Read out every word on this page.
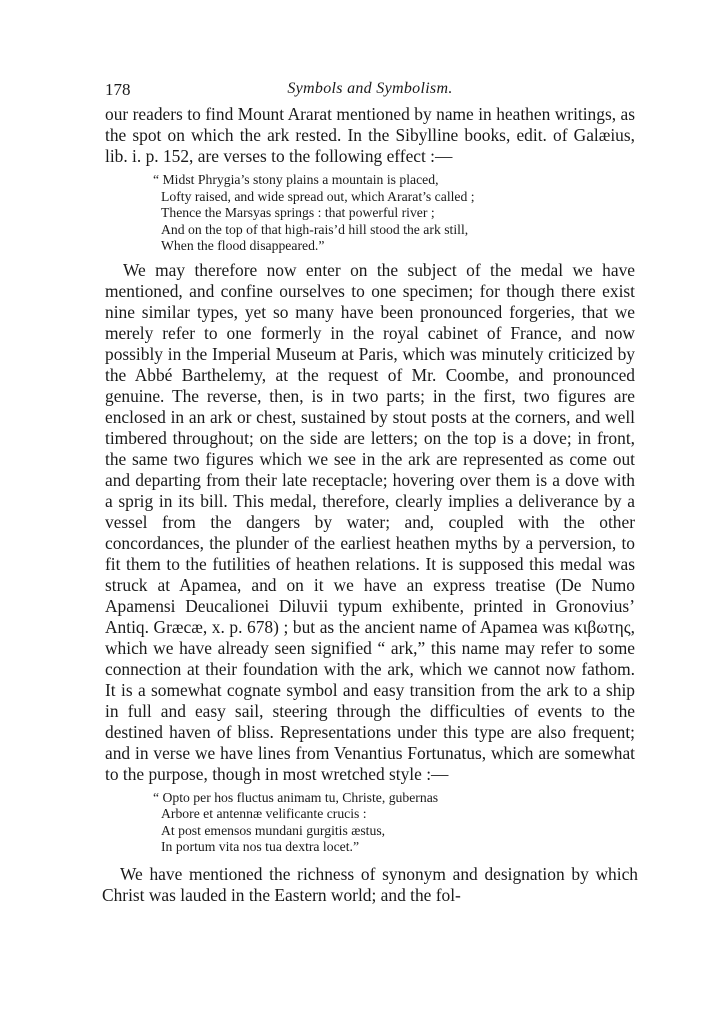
178	Symbols and Symbolism.

our readers to find Mount Ararat mentioned by name in heathen writings, as the spot on which the ark rested. In the Sibylline books, edit. of Galæius, lib. i. p. 152, are verses to the following effect :—

“ Midst Phrygia’s stony plains a mountain is placed,
Lofty raised, and wide spread out, which Ararat’s called ;
Thence the Marsyas springs : that powerful river ;
And on the top of that high-rais’d hill stood the ark still,
When the flood disappeared.”

We may therefore now enter on the subject of the medal we have mentioned, and confine ourselves to one specimen; for though there exist nine similar types, yet so many have been pronounced forgeries, that we merely refer to one formerly in the royal cabinet of France, and now possibly in the Imperial Museum at Paris, which was minutely criticized by the Abbé Barthelemy, at the request of Mr. Coombe, and pronounced genuine. The reverse, then, is in two parts; in the first, two figures are enclosed in an ark or chest, sustained by stout posts at the corners, and well timbered throughout; on the side are letters; on the top is a dove; in front, the same two figures which we see in the ark are represented as come out and departing from their late receptacle; hovering over them is a dove with a sprig in its bill. This medal, therefore, clearly implies a deliverance by a vessel from the dangers by water; and, coupled with the other concordances, the plunder of the earliest heathen myths by a perversion, to fit them to the futilities of heathen relations. It is supposed this medal was struck at Apamea, and on it we have an express treatise (De Numo Apamensi Deucalionei Diluvii typum exhibente, printed in Gronovius’ Antiq. Græcæ, x. p. 678) ; but as the ancient name of Apamea was κιβωτης, which we have already seen signified “ ark,” this name may refer to some connection at their foundation with the ark, which we cannot now fathom. It is a somewhat cognate symbol and easy transition from the ark to a ship in full and easy sail, steering through the difficulties of events to the destined haven of bliss. Representations under this type are also frequent; and in verse we have lines from Venantius Fortunatus, which are somewhat to the purpose, though in most wretched style :—

“ Opto per hos fluctus animam tu, Christe, gubernas
Arbore et antennæ velificante crucis :
At post emensos mundani gurgitis æstus,
In portum vita nos tua dextra locet.”

We have mentioned the richness of synonym and designation by which Christ was lauded in the Eastern world; and the fol-
